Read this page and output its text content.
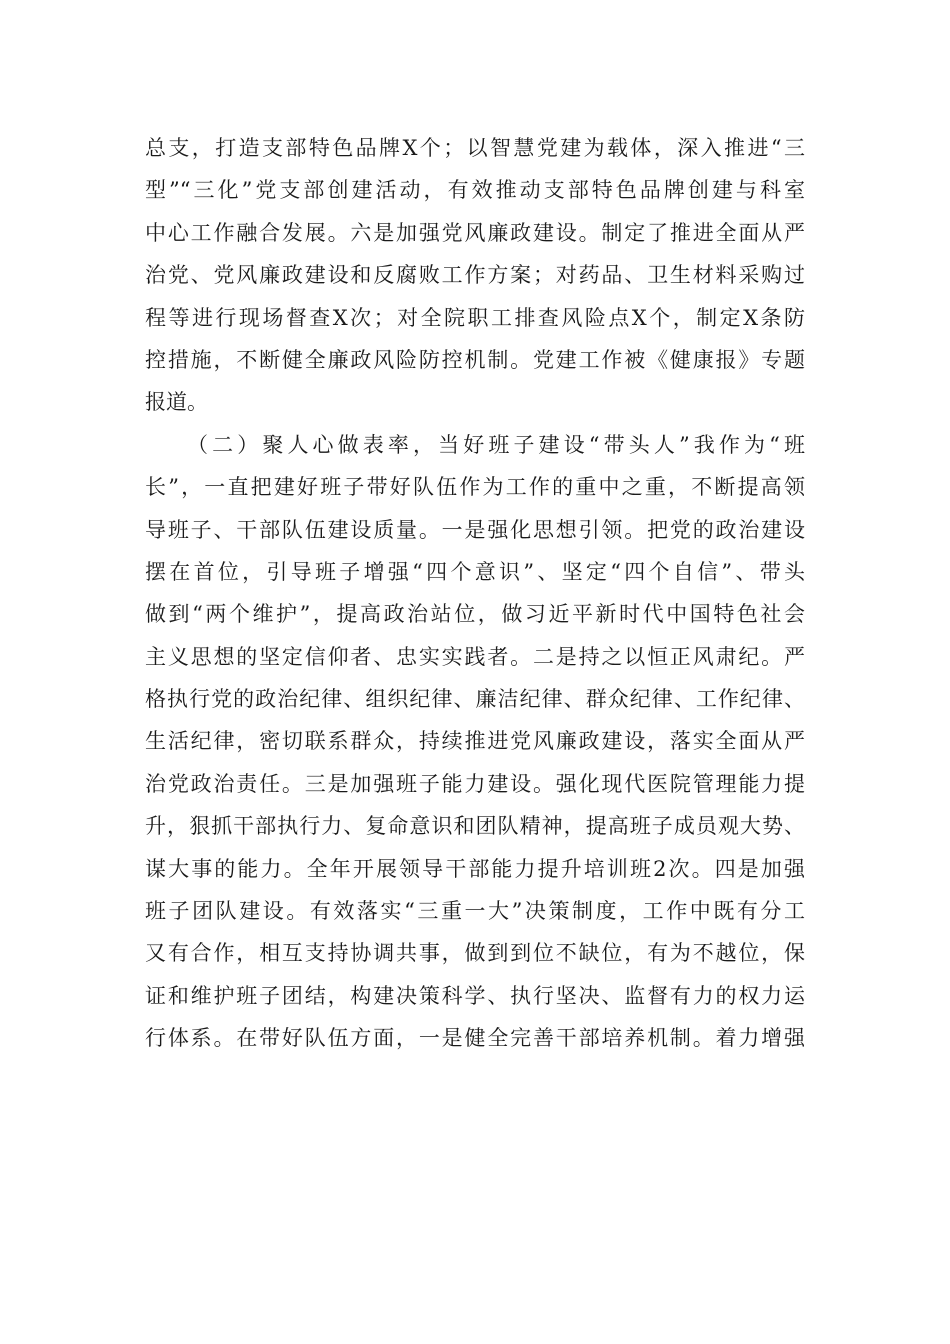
总支，打造支部特色品牌X个；以智慧党建为载体，深入推进“三
型”“三化”党支部创建活动，有效推动支部特色品牌创建与科室
中心工作融合发展。六是加强党风廉政建设。制定了推进全面从严
治党、党风廉政建设和反腐败工作方案；对药品、卫生材料采购过
程等进行现场督查X次；对全院职工排查风险点X个，制定X条防
控措施，不断健全廉政风险防控机制。党建工作被《健康报》专题
报道。
（二）聚人心做表率，当好班子建设“带头人”我作为“班
长”，一直把建好班子带好队伍作为工作的重中之重，不断提高领
导班子、干部队伍建设质量。一是强化思想引领。把党的政治建设
摆在首位，引导班子增强“四个意识”、坚定“四个自信”、带头
做到“两个维护”，提高政治站位，做习近平新时代中国特色社会
主义思想的坚定信仰者、忠实实践者。二是持之以恒正风肃纪。严
格执行党的政治纪律、组织纪律、廉洁纪律、群众纪律、工作纪律、
生活纪律，密切联系群众，持续推进党风廉政建设，落实全面从严
治党政治责任。三是加强班子能力建设。强化现代医院管理能力提
升，狠抓干部执行力、复命意识和团队精神，提高班子成员观大势、
谋大事的能力。全年开展领导干部能力提升培训班2次。四是加强
班子团队建设。有效落实“三重一大”决策制度，工作中既有分工
又有合作，相互支持协调共事，做到到位不缺位，有为不越位，保
证和维护班子团结，构建决策科学、执行坚决、监督有力的权力运
行体系。在带好队伍方面，一是健全完善干部培养机制。着力增强
